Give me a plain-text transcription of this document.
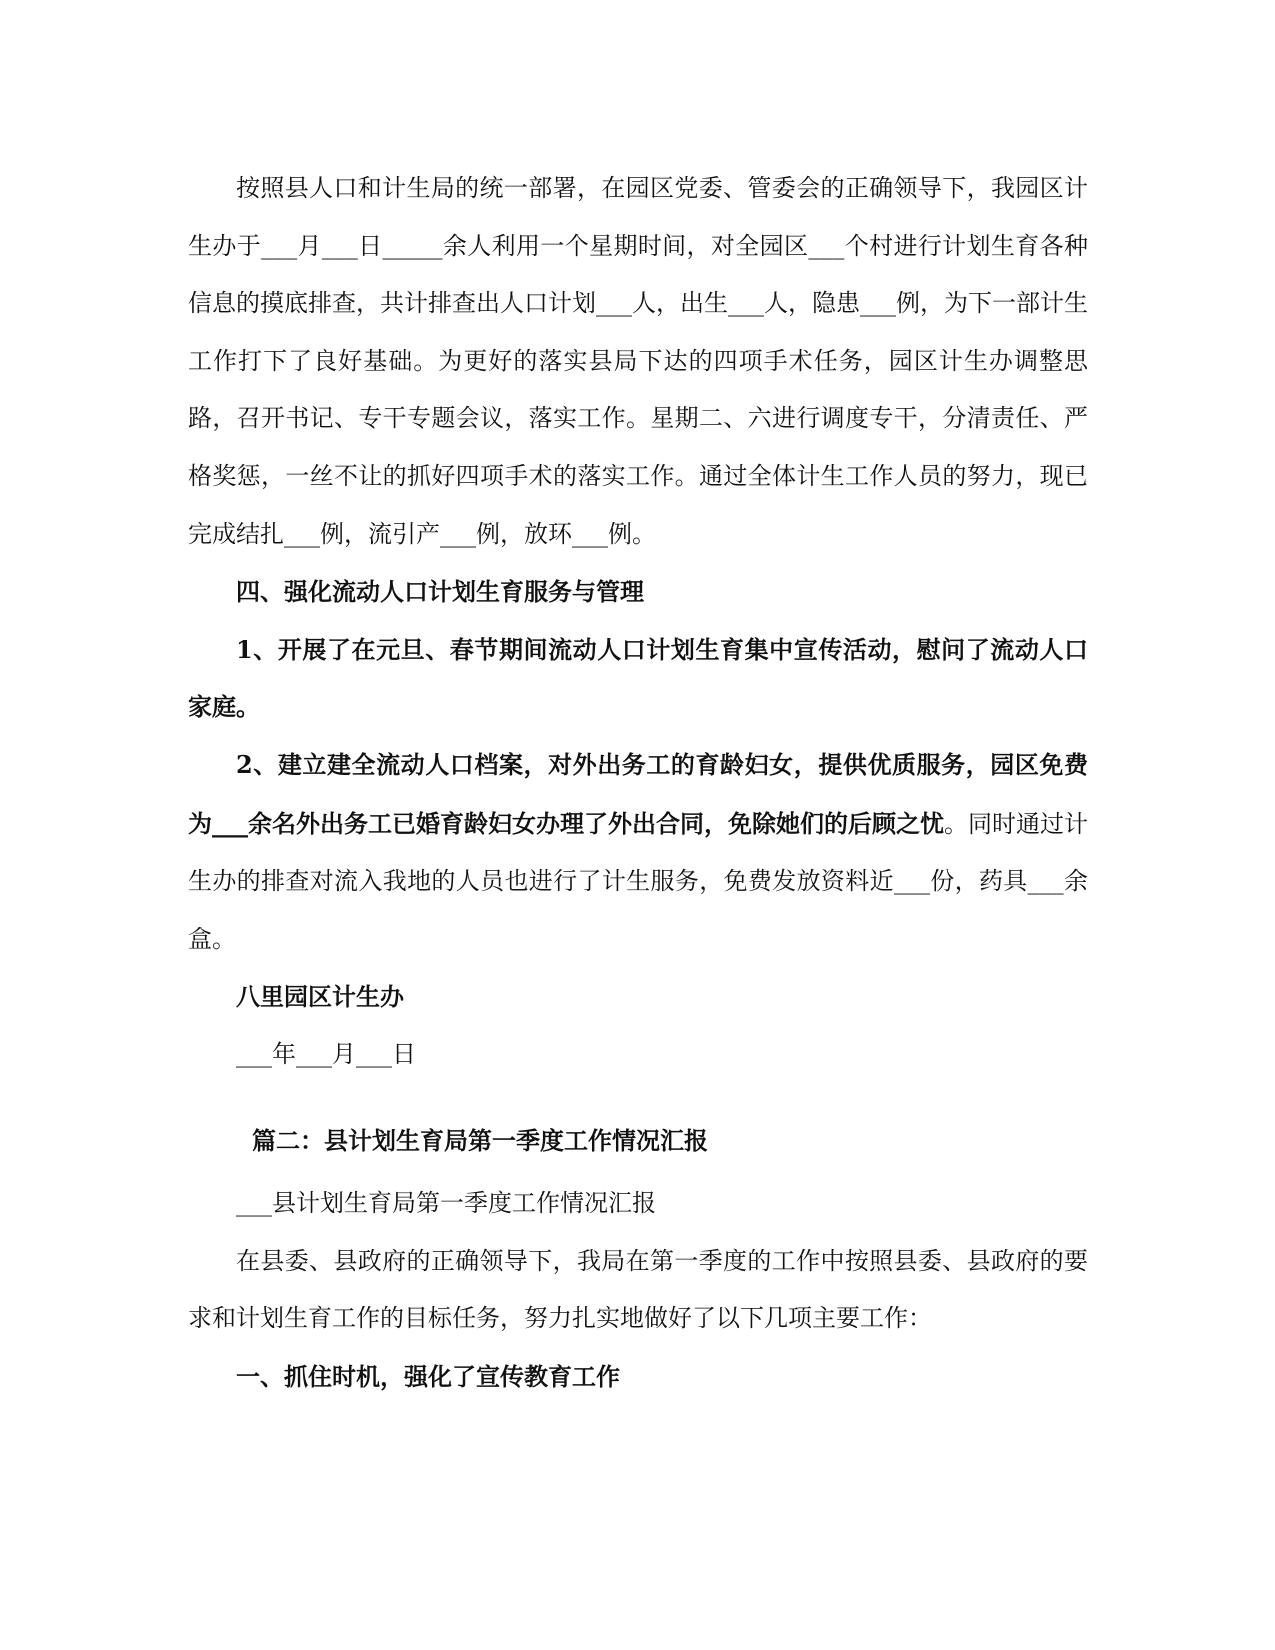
按照县人口和计生局的统一部署，在园区党委、管委会的正确领导下，我园区计生办于___月___日_____余人利用一个星期时间，对全园区___个村进行计划生育各种信息的摸底排查，共计排查出人口计划___人，出生___人，隐患___例，为下一部计生工作打下了良好基础。为更好的落实县局下达的四项手术任务，园区计生办调整思路，召开书记、专干专题会议，落实工作。星期二、六进行调度专干，分清责任、严格奖惩，一丝不让的抓好四项手术的落实工作。通过全体计生工作人员的努力，现已完成结扎___例，流引产___例，放环___例。

四、强化流动人口计划生育服务与管理

1、开展了在元旦、春节期间流动人口计划生育集中宣传活动，慰问了流动人口家庭。

2、建立建全流动人口档案，对外出务工的育龄妇女，提供优质服务，园区免费为___余名外出务工已婚育龄妇女办理了外出合同，免除她们的后顾之忧。同时通过计生办的排查对流入我地的人员也进行了计生服务，免费发放资料近___份，药具___余盒。

八里园区计生办

___年___月___日

篇二：县计划生育局第一季度工作情况汇报

___县计划生育局第一季度工作情况汇报

在县委、县政府的正确领导下，我局在第一季度的工作中按照县委、县政府的要求和计划生育工作的目标任务，努力扎实地做好了以下几项主要工作：

一、抓住时机，强化了宣传教育工作
